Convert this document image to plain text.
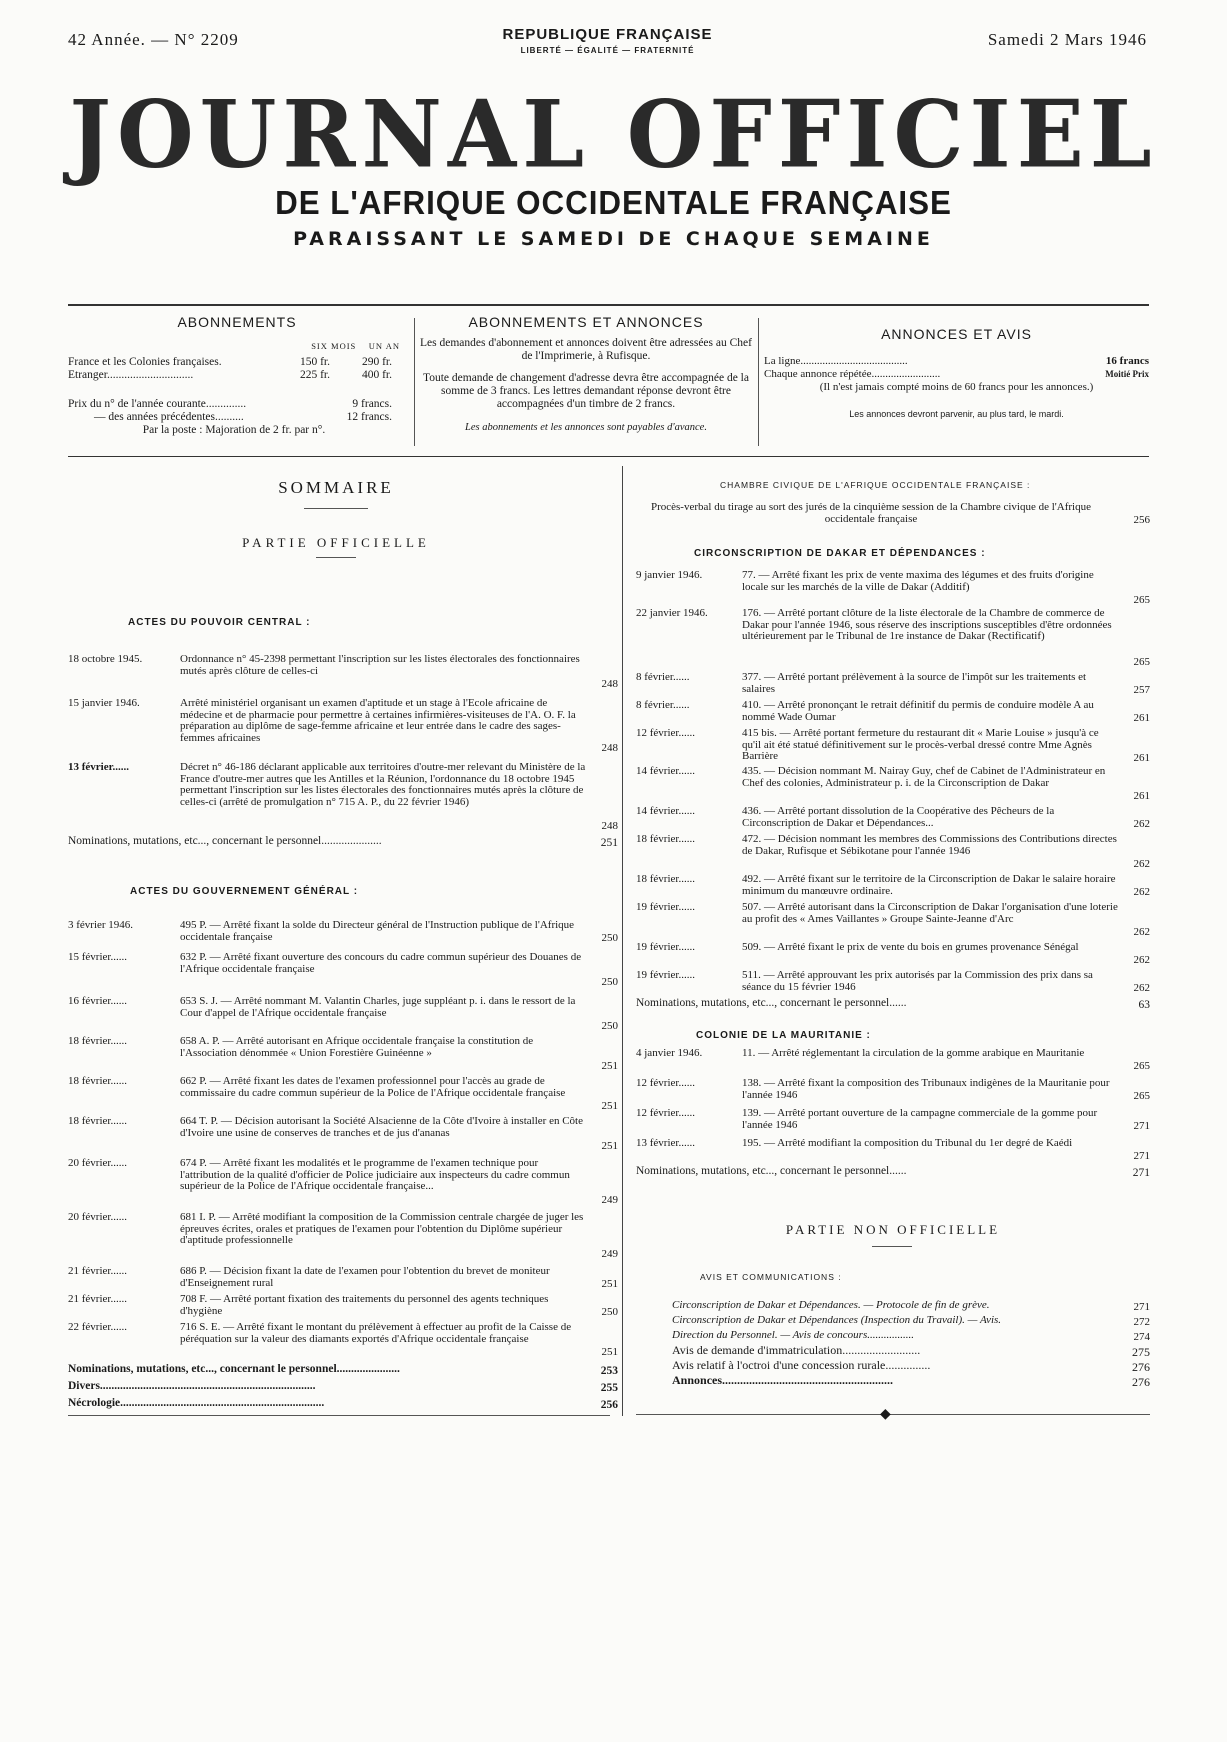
42 Année. — N° 2209	REPUBLIQUE FRANÇAISE
LIBERTÉ — ÉGALITÉ — FRATERNITÉ
Samedi 2 Mars 1946
JOURNAL OFFICIEL
DE L'AFRIQUE OCCIDENTALE FRANÇAISE
PARAISSANT LE SAMEDI DE CHAQUE SEMAINE
ABONNEMENTS
SIX MOIS UN AN
France et les Colonies françaises.	150 fr.	290 fr.
Etranger..............................	225 fr.	400 fr.
Prix du n° de l'année courante..............	9 francs.
— des années précédentes..........	12 francs.
Par la poste : Majoration de 2 fr. par n°.
ABONNEMENTS ET ANNONCES
Les demandes d'abonnement et annonces doivent être adressées au Chef de l'Imprimerie, à Rufisque.
Toute demande de changement d'adresse devra être accompagnée de la somme de 3 francs. Les lettres demandant réponse devront être accompagnées d'un timbre de 2 francs.
Les abonnements et les annonces sont payables d'avance.
ANNONCES ET AVIS
La ligne.......................................	16 francs
Chaque annonce répétée.........................	Moitié Prix
(Il n'est jamais compté moins de 60 francs pour les annonces.)
Les annonces devront parvenir, au plus tard, le mardi.
SOMMAIRE
PARTIE OFFICIELLE
ACTES DU POUVOIR CENTRAL :
18 octobre 1945.	Ordonnance n° 45-2398 permettant l'inscription sur les listes électorales des fonctionnaires mutés après clôture de celles-ci
248
15 janvier 1946.	Arrêté ministériel organisant un examen d'aptitude et un stage à l'Ecole africaine de médecine et de pharmacie pour permettre à certaines infirmières-visiteuses de l'A. O. F. la préparation au diplôme de sage-femme africaine et leur entrée dans le cadre des sages-femmes africaines
248
13 février......	Décret n° 46-186 déclarant applicable aux territoires d'outre-mer relevant du Ministère de la France d'outre-mer autres que les Antilles et la Réunion, l'ordonnance du 18 octobre 1945 permettant l'inscription sur les listes électorales des fonctionnaires mutés après la clôture de celles-ci (arrêté de promulgation n° 715 A. P., du 22 février 1946)
248
Nominations, mutations, etc..., concernant le personnel.....................	251
ACTES DU GOUVERNEMENT GÉNÉRAL :
3 février 1946.	495 P. — Arrêté fixant la solde du Directeur général de l'Instruction publique de l'Afrique occidentale française	250
15 février......	632 P. — Arrêté fixant ouverture des concours du cadre commun supérieur des Douanes de l'Afrique occidentale française
250
16 février......	653 S. J. — Arrêté nommant M. Valantin Charles, juge suppléant p. i. dans le ressort de la Cour d'appel de l'Afrique occidentale française
250
18 février......	658 A. P. — Arrêté autorisant en Afrique occidentale française la constitution de l'Association dénommée « Union Forestière Guinéenne »
251
18 février......	662 P. — Arrêté fixant les dates de l'examen professionnel pour l'accès au grade de commissaire du cadre commun supérieur de la Police de l'Afrique occidentale française
251
18 février......	664 T. P. — Décision autorisant la Société Alsacienne de la Côte d'Ivoire à installer en Côte d'Ivoire une usine de conserves de tranches et de jus d'ananas
251
20 février......	674 P. — Arrêté fixant les modalités et le programme de l'examen technique pour l'attribution de la qualité d'officier de Police judiciaire aux inspecteurs du cadre commun supérieur de la Police de l'Afrique occidentale française...
249
20 février......	681 I. P. — Arrêté modifiant la composition de la Commission centrale chargée de juger les épreuves écrites, orales et pratiques de l'examen pour l'obtention du Diplôme supérieur d'aptitude professionnelle
249
21 février......	686 P. — Décision fixant la date de l'examen pour l'obtention du brevet de moniteur d'Enseignement rural	251
21 février......	708 F. — Arrêté portant fixation des traitements du personnel des agents techniques d'hygiène	250
22 février......	716 S. E. — Arrêté fixant le montant du prélèvement à effectuer au profit de la Caisse de péréquation sur la valeur des diamants exportés d'Afrique occidentale française
251
Nominations, mutations, etc..., concernant le personnel......................	253
Divers...........................................................................	255
Nécrologie.......................................................................	256
CHAMBRE CIVIQUE DE L'AFRIQUE OCCIDENTALE FRANÇAISE :
Procès-verbal du tirage au sort des jurés de la cinquième session de la Chambre civique de l'Afrique occidentale française	256
CIRCONSCRIPTION DE DAKAR ET DÉPENDANCES :
9 janvier 1946.	77. — Arrêté fixant les prix de vente maxima des légumes et des fruits d'origine locale sur les marchés de la ville de Dakar (Additif)
265
22 janvier 1946.	176. — Arrêté portant clôture de la liste électorale de la Chambre de commerce de Dakar pour l'année 1946, sous réserve des inscriptions susceptibles d'être ordonnées ultérieurement par le Tribunal de 1re instance de Dakar (Rectificatif)
265
8 février......	377. — Arrêté portant prélèvement à la source de l'impôt sur les traitements et salaires	257
8 février......	410. — Arrêté prononçant le retrait définitif du permis de conduire modèle A au nommé Wade Oumar	261
12 février......	415 bis. — Arrêté portant fermeture du restaurant dit « Marie Louise » jusqu'à ce qu'il ait été statué définitivement sur le procès-verbal dressé contre Mme Agnès Barrière	261
14 février......	435. — Décision nommant M. Nairay Guy, chef de Cabinet de l'Administrateur en Chef des colonies, Administrateur p. i. de la Circonscription de Dakar
261
14 février......	436. — Arrêté portant dissolution de la Coopérative des Pêcheurs de la Circonscription de Dakar et Dépendances...	262
18 février......	472. — Décision nommant les membres des Commissions des Contributions directes de Dakar, Rufisque et Sébikotane pour l'année 1946
262
18 février......	492. — Arrêté fixant sur le territoire de la Circonscription de Dakar le salaire horaire minimum du manœuvre ordinaire.	262
19 février......	507. — Arrêté autorisant dans la Circonscription de Dakar l'organisation d'une loterie au profit des « Ames Vaillantes » Groupe Sainte-Jeanne d'Arc
262
19 février......	509. — Arrêté fixant le prix de vente du bois en grumes provenance Sénégal
262
19 février......	511. — Arrêté approuvant les prix autorisés par la Commission des prix dans sa séance du 15 février 1946	262
Nominations, mutations, etc..., concernant le personnel......	63
COLONIE DE LA MAURITANIE :
4 janvier 1946.	11. — Arrêté réglementant la circulation de la gomme arabique en Mauritanie
265
12 février......	138. — Arrêté fixant la composition des Tribunaux indigènes de la Mauritanie pour l'année 1946	265
12 février......	139. — Arrêté portant ouverture de la campagne commerciale de la gomme pour l'année 1946	271
13 février......	195. — Arrêté modifiant la composition du Tribunal du 1er degré de Kaédi
271
Nominations, mutations, etc..., concernant le personnel......	271
PARTIE NON OFFICIELLE
AVIS ET COMMUNICATIONS :
Circonscription de Dakar et Dépendances. — Protocole de fin de grève.	271
Circonscription de Dakar et Dépendances (Inspection du Travail). — Avis.	272
Direction du Personnel. — Avis de concours.................	274
Avis de demande d'immatriculation..........................	275
Avis relatif à l'octroi d'une concession rurale...............	276
Annonces.........................................................	276
◆
